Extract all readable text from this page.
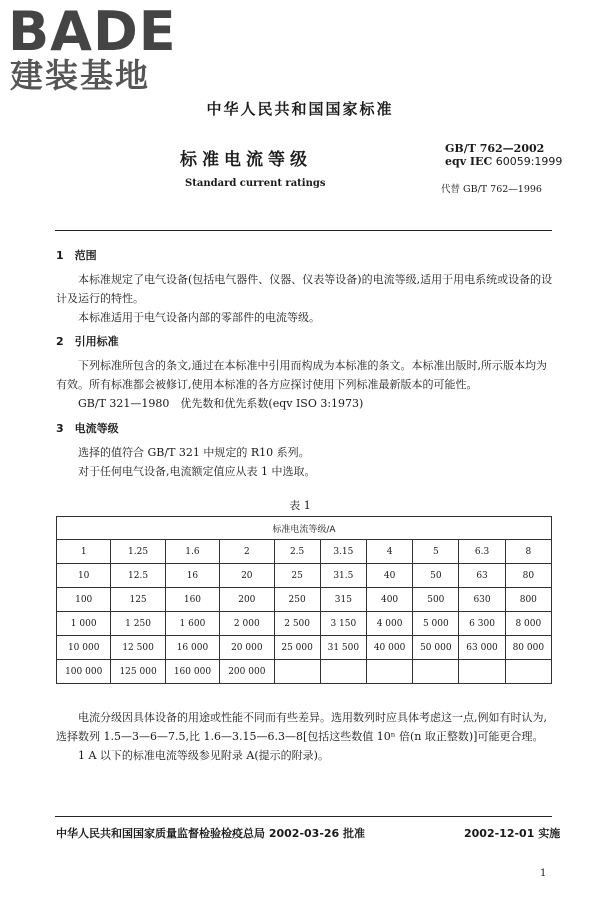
BADE
建装基地
中华人民共和国国家标准
标准电流等级
Standard current ratings
GB/T 762—2002
eqv IEC 60059:1999
代替 GB/T 762—1996
1　范围

本标准规定了电气设备(包括电气器件、仪器、仪表等设备)的电流等级,适用于用电系统或设备的设计及运行的特性。

本标准适用于电气设备内部的零部件的电流等级。

2　引用标准

下列标准所包含的条文,通过在本标准中引用而构成为本标准的条文。本标准出版时,所示版本均为有效。所有标准都会被修订,使用本标准的各方应探讨使用下列标准最新版本的可能性。

GB/T 321—1980　优先数和优先系数(eqv ISO 3:1973)

3　电流等级

选择的值符合 GB/T 321 中规定的 R10 系列。

对于任何电气设备,电流额定值应从表 1 中选取。

表 1
标准电流等级/A									
1	1.25	1.6	2	2.5	3.15	4	5	6.3	8
10	12.5	16	20	25	31.5	40	50	63	80
100	125	160	200	250	315	400	500	630	800
1 000	1 250	1 600	2 000	2 500	3 150	4 000	5 000	6 300	8 000
10 000	12 500	16 000	20 000	25 000	31 500	40 000	50 000	63 000	80 000
100 000	125 000	160 000	200 000						

电流分级因具体设备的用途或性能不同而有些差异。选用数列时应具体考虑这一点,例如有时认为,选择数列 1.5—3—6—7.5,比 1.6—3.15—6.3—8[包括这些数值 10ⁿ 倍(n 取正整数)]可能更合理。

1 A 以下的标准电流等级参见附录 A(提示的附录)。

中华人民共和国国家质量监督检验检疫总局 2002-03-26 批准	2002-12-01 实施
1
